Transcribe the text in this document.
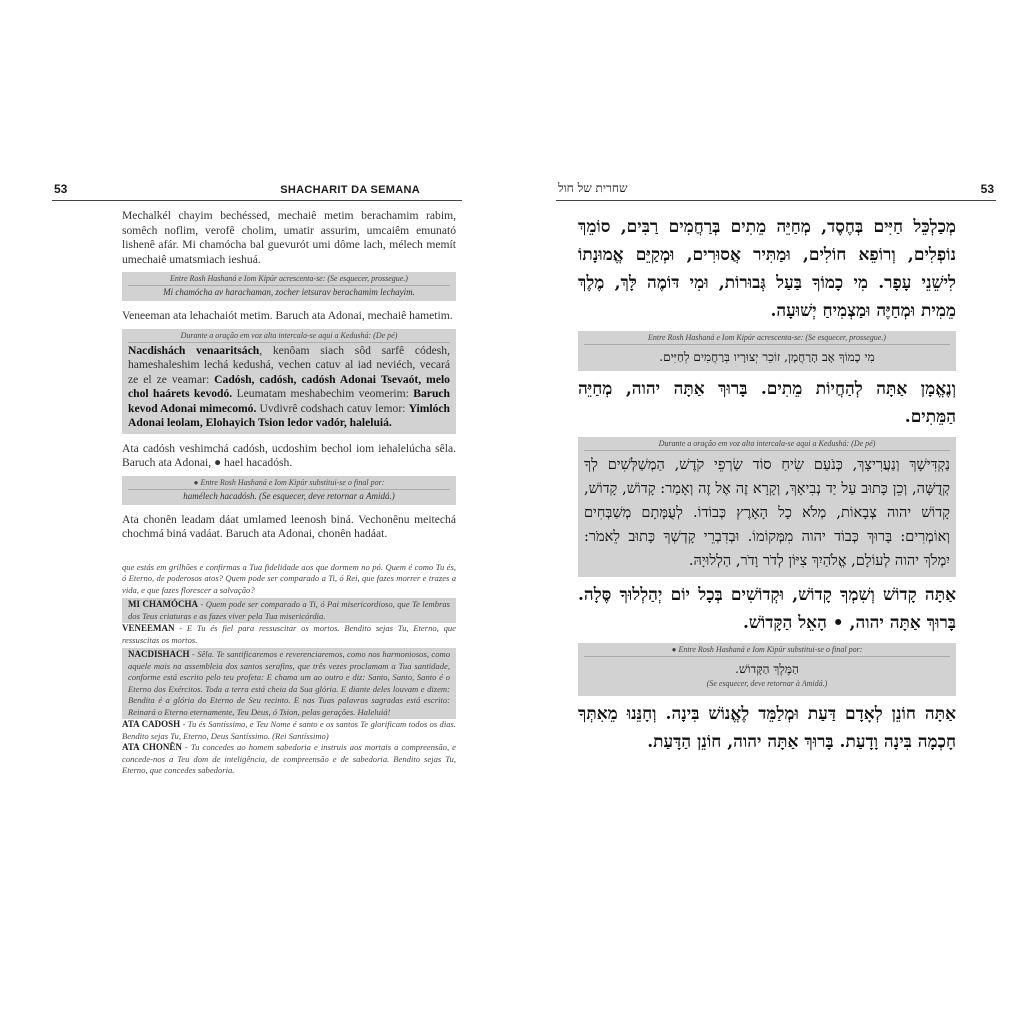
53	SHACHARIT DA SEMANA

Mechalkél chayim bechéssed, mechaiê metim berachamim rabim, somêch noflim, verofê cholim, umatir assurim, umcaiêm emunató lishenê afár. Mi chamócha bal guevurót umi dôme lach, mélech memít umechaiê umatsmiach iesh​uá.

Entre Rosh Hashaná e Iom Kipúr acrescenta-se: (Se esquecer, prossegue.)
Mi chamócha av harachaman, zocher ietsurav berachamim lechayim.

Veneeman ata lehachaiót metim. Baruch ata Adonai, mechaiê hametim.

Durante a oração em voz alta intercala-se aqui a Kedushá: (De pé)

Nacdishách venaaritsách, kenôam siach sôd sarfê códesh, hameshaleshim lechá kedushá, vechen catuv al iad neviéch, vecará ze el ze veamar: Cadósh, cadósh, cadósh Adonai Tsevaót, melo chol haárets kevodó. Leumatam meshabechim veomerim: Baruch kevod Adonai mimecomó. Uvdivrê codshach catuv lemor: Yimlóch Adonai leolam, Elohayich Tsion ledor vadór, haleluiá.

Ata cadósh veshimchá cadósh, ucdoshim bechol iom iehalelúcha sêla. Baruch ata Adonai, ● hael hacadósh.

● Entre Rosh Hashaná e Iom Kipúr substitui-se o final por:
hamélech hacadósh. (Se esquecer, deve retornar a Amidá.)

Ata chonên leadam dáat umlamed leenosh biná. Vechonênu meitechá chochmá biná vadáat. Baruch ata Adonai, chonên hadáat.

que estás em grilhões e confirmas a Tua fidelidade aos que dormem no pó. Quem é como Tu és, ó Eterno, de poderosos atos? Quem pode ser comparado a Ti, ó Rei, que fazes morrer e trazes a vida, e que fazes florescer a salvação?

MI CHAMÓCHA - Quem pode ser comparado a Ti, ó Pai misericordioso, que Te lembras dos Teus criaturas e as fazes viver pela Tua misericórdia.

VENEEMAN - E Tu és fiel para ressuscitar os mortos. Bendito sejas Tu, Eterno, que ressuscitas os mortos.

NACDISHACH - Sêla. Te santificaremos e reverenciaremos, como nos harmoniosos, como aquele mais na assembleia dos santos serafins, que três vezes proclamam a Tua santidade, conforme está escrito pelo teu profeta: E chama um ao outro e diz: Santo, Santo, Santo é o Eterno dos Exércitos. Toda a terra está cheia da Sua glória. E diante deles louvam e dizem: Bendita é a glória do Eterno de Seu recinto. E nas Tuas palavras sagradas está escrito: Reinará o Eterno eternamente, Teu Deus, ó Tsion, pelas gerações. Haleluiá!

ATA CADOSH - Tu és Santíssimo, e Teu Nome é santo e os santos Te glorificam todos os dias. Bendito sejas Tu, Eterno, Deus Santíssimo. (Rei Santíssimo)

ATA CHONÊN - Tu concedes ao homem sabedoria e instruis aos mortais a compreensão, e concede-nos a Teu dom de inteligência, de compreensão e de sabedoria. Bendito sejas Tu, Eterno, que concedes sabedoria.

שחרית של חול	53

מְכַלְכֵּל חַיִּים בְּחֶסֶד, מְחַיֵּה מֵתִים בְּרַחֲמִים רַבִּים, סוֹמֵךְ נוֹפְלִים, וְרוֹפֵא חוֹלִים, וּמַתִּיר אֲסוּרִים, וּמְקַיֵּם אֱמוּנָתוֹ לִישֵׁנֵי עָפָר. מִי כָמוֹךָ בַּעַל גְּבוּרוֹת, וּמִי דּוֹמֶה לָּךְ, מֶלֶךְ מֵמִית וּמְחַיֶּה וּמַצְמִיחַ יְשׁוּעָה.

Entre Rosh Hashaná e Iom Kipúr acrescenta-se: (Se esquecer, prossegue.)

מִי כָמוֹךָ אָב הָרַחֲמָן, זוֹכֵר יְצוּרָיו בְּרַחֲמִים לְחַיִּים.

וְנֶאֱמָן אַתָּה לְהַחֲיוֹת מֵתִים. בָּרוּךְ אַתָּה יהוה, מְחַיֵּה הַמֵּתִים.

Durante a oração em voz alta intercala-se aqui a Kedushá: (De pé)

נַקְדִּישָׁךְ וְנַעֲרִיצָךְ, כְּנֹעַם שִׂיחַ סוֹד שַׂרְפֵי קֹדֶשׁ, הַמְשַׁלְּשִׁים לְךָ קְדֻשָּׁה, וְכֵן כָּתוּב עַל יַד נְבִיאָךְ, וְקָרָא זֶה אֶל זֶה וְאָמַר: קָדוֹשׁ, קָדוֹשׁ, קָדוֹשׁ יהוה צְבָאוֹת, מְלֹא כָל הָאָרֶץ כְּבוֹדוֹ. לְעֻמָּתָם מְשַׁבְּחִים וְאוֹמְרִים: בָּרוּךְ כְּבוֹד יהוה מִמְּקוֹמוֹ. וּבְדִבְרֵי קָדְשְׁךָ כָּתוּב לֵאמֹר: יִמְלֹךְ יהוה לְעוֹלָם, אֱלֹהַיִךְ צִיּוֹן לְדֹר וָדֹר, הַלְלוּיָהּ.

אַתָּה קָדוֹשׁ וְשִׁמְךָ קָדוֹשׁ, וּקְדוֹשִׁים בְּכָל יוֹם יְהַלְלוּךָ סֶּלָה. בָּרוּךְ אַתָּה יהוה, • הָאֵל הַקָּדוֹשׁ.

● Entre Rosh Hashaná e Iom Kipúr substitui-se o final por:

הַמֶּלֶךְ הַקָּדוֹשׁ.

(Se esquecer, deve retornar à Amidá.)

אַתָּה חוֹנֵן לְאָדָם דַּעַת וּמְלַמֵּד לֶאֱנוֹשׁ בִּינָה. וְחָנֵּנוּ מֵאִתְּךָ חָכְמָה בִּינָה וָדָעַת. בָּרוּךְ אַתָּה יהוה, חוֹנֵן הַדָּעַת.
